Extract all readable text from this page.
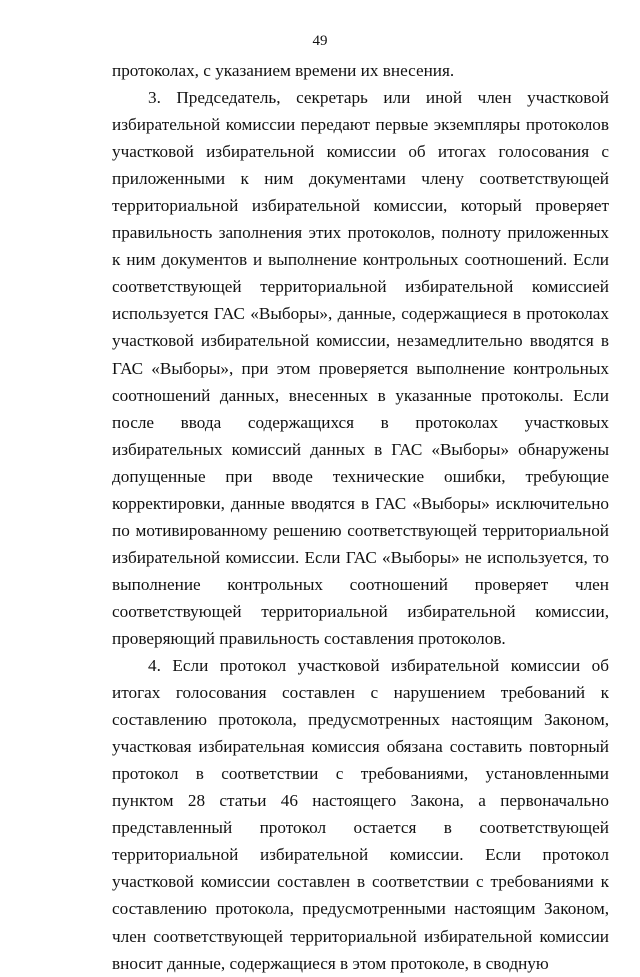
49

протоколах, с указанием времени их внесения.

3. Председатель, секретарь или иной член участковой избирательной комиссии передают первые экземпляры протоколов участковой избирательной комиссии об итогах голосования с приложенными к ним документами члену соответствующей территориальной избирательной комиссии, который проверяет правильность заполнения этих протоколов, полноту приложенных к ним документов и выполнение контрольных соотношений. Если соответствующей территориальной избирательной комиссией используется ГАС «Выборы», данные, содержащиеся в протоколах участковой избирательной комиссии, незамедлительно вводятся в ГАС «Выборы», при этом проверяется выполнение контрольных соотношений данных, внесенных в указанные протоколы. Если после ввода содержащихся в протоколах участковых избирательных комиссий данных в ГАС «Выборы» обнаружены допущенные при вводе технические ошибки, требующие корректировки, данные вводятся в ГАС «Выборы» исключительно по мотивированному решению соответствующей территориальной избирательной комиссии. Если ГАС «Выборы» не используется, то выполнение контрольных соотношений проверяет член соответствующей территориальной избирательной комиссии, проверяющий правильность составления протоколов.

4. Если протокол участковой избирательной комиссии об итогах голосования составлен с нарушением требований к составлению протокола, предусмотренных настоящим Законом, участковая избирательная комиссия обязана составить повторный протокол в соответствии с требованиями, установленными пунктом 28 статьи 46 настоящего Закона, а первоначально представленный протокол остается в соответствующей территориальной избирательной комиссии. Если протокол участковой комиссии составлен в соответствии с требованиями к составлению протокола, предусмотренными настоящим Законом, член соответствующей территориальной избирательной комиссии вносит данные, содержащиеся в этом протоколе, в сводную
